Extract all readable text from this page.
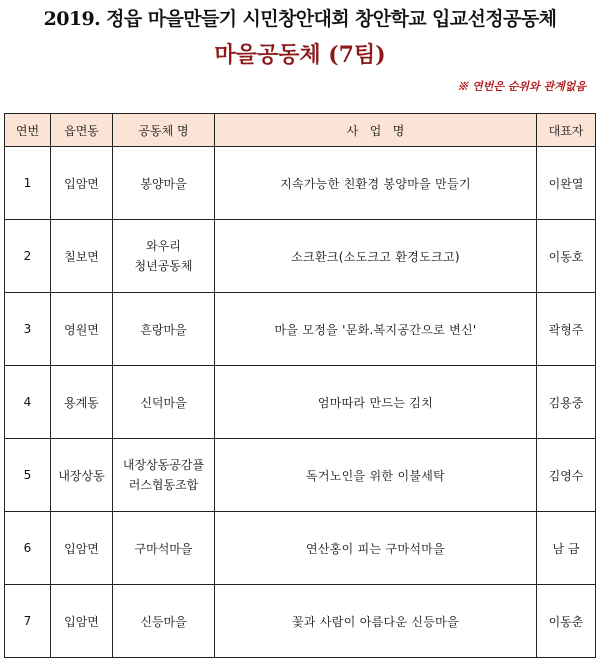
2019. 정읍 마을만들기 시민창안대회 창안학교 입교선정공동체
마을공동체 (7팀)
※ 연번은 순위와 관계없음
연번	읍면동	공동체 명	사   업   명	대표자
1	입암면	봉양마을	지속가능한 친환경 봉양마을 만들기	이완열
2	칠보면	와우리
청년공동체	소크환크(소도크고 환경도크고)	이동호
3	영원면	흔랑마을	마을 모정을 '문화.복지공간으로 변신'	곽형주
4	용계동	신덕마을	엄마따라 만드는 김치	김용중
5	내장상동	내장상동공감플
러스협동조합	독거노인을 위한 이불세탁	김영수
6	입암면	구마석마을	연산홍이 피는 구마석마을	남 금
7	입암면	신등마을	꽃과 사람이 아름다운 신등마을	이동춘
